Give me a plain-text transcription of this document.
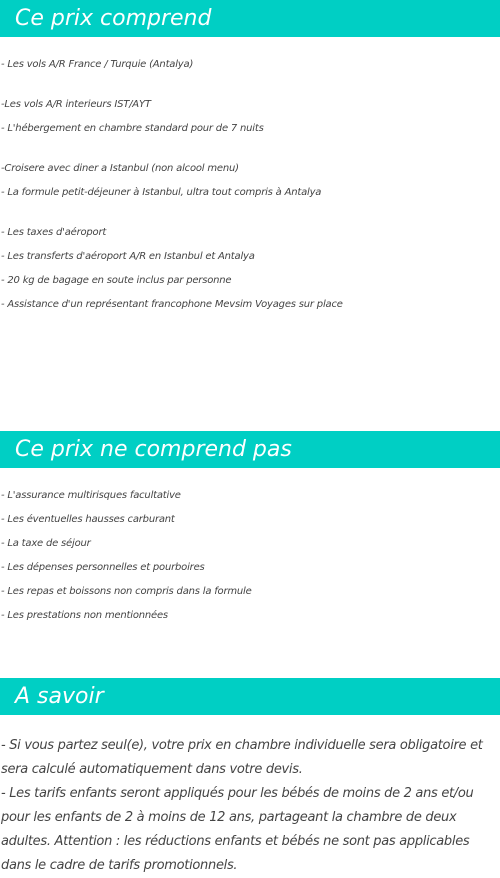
Ce prix comprend
- Les vols A/R France / Turquie (Antalya)
-Les vols A/R interieurs IST/AYT
- L'hébergement en chambre standard pour de 7 nuits
-Croisere avec diner a Istanbul (non alcool menu)
- La formule petit-déjeuner à Istanbul, ultra tout compris à Antalya
- Les taxes d'aéroport
- Les transferts d'aéroport A/R en Istanbul et Antalya
- 20 kg de bagage en soute inclus par personne
- Assistance d'un représentant francophone Mevsim Voyages sur place
Ce prix ne comprend pas
- L'assurance multirisques facultative
- Les éventuelles hausses carburant
- La taxe de séjour
- Les dépenses personnelles et pourboires
- Les repas et boissons non compris dans la formule
- Les prestations non mentionnées
A savoir

- Si vous partez seul(e), votre prix en chambre individuelle sera obligatoire et sera calculé automatiquement dans votre devis.

- Les tarifs enfants seront appliqués pour les bébés de moins de 2 ans et/ou pour les enfants de 2 à moins de 12 ans, partageant la chambre de deux adultes. Attention : les réductions enfants et bébés ne sont pas applicables dans le cadre de tarifs promotionnels.
